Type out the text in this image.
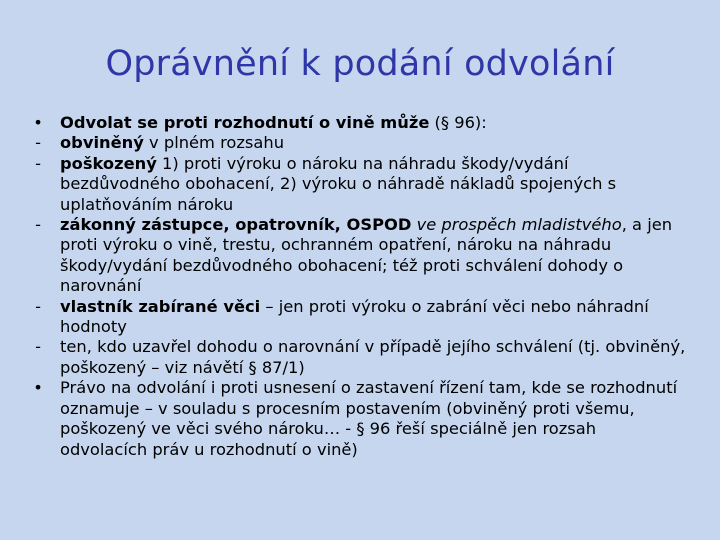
Oprávnění k podání odvolání

•	Odvolat se proti rozhodnutí o vině může (§ 96):

-	obviněný v plném rozsahu

-	poškozený 1) proti výroku o nároku na náhradu škody/vydání bezdůvodného obohacení, 2) výroku o náhradě nákladů spojených s uplatňováním nároku

-	zákonný zástupce, opatrovník, OSPOD ve prospěch mladistvého, a jen proti výroku o vině, trestu, ochranném opatření, nároku na náhradu škody/vydání bezdůvodného obohacení; též proti schválení dohody o narovnání

-	vlastník zabírané věci – jen proti výroku o zabrání věci nebo náhradní hodnoty

-	ten, kdo uzavřel dohodu o narovnání v případě jejího schválení (tj. obviněný, poškozený – viz návětí § 87/1)

•	Právo na odvolání i proti usnesení o zastavení řízení tam, kde se rozhodnutí oznamuje – v souladu s procesním postavením (obviněný proti všemu, poškozený ve věci svého nároku… - § 96 řeší speciálně jen rozsah odvolacích práv u rozhodnutí o vině)
